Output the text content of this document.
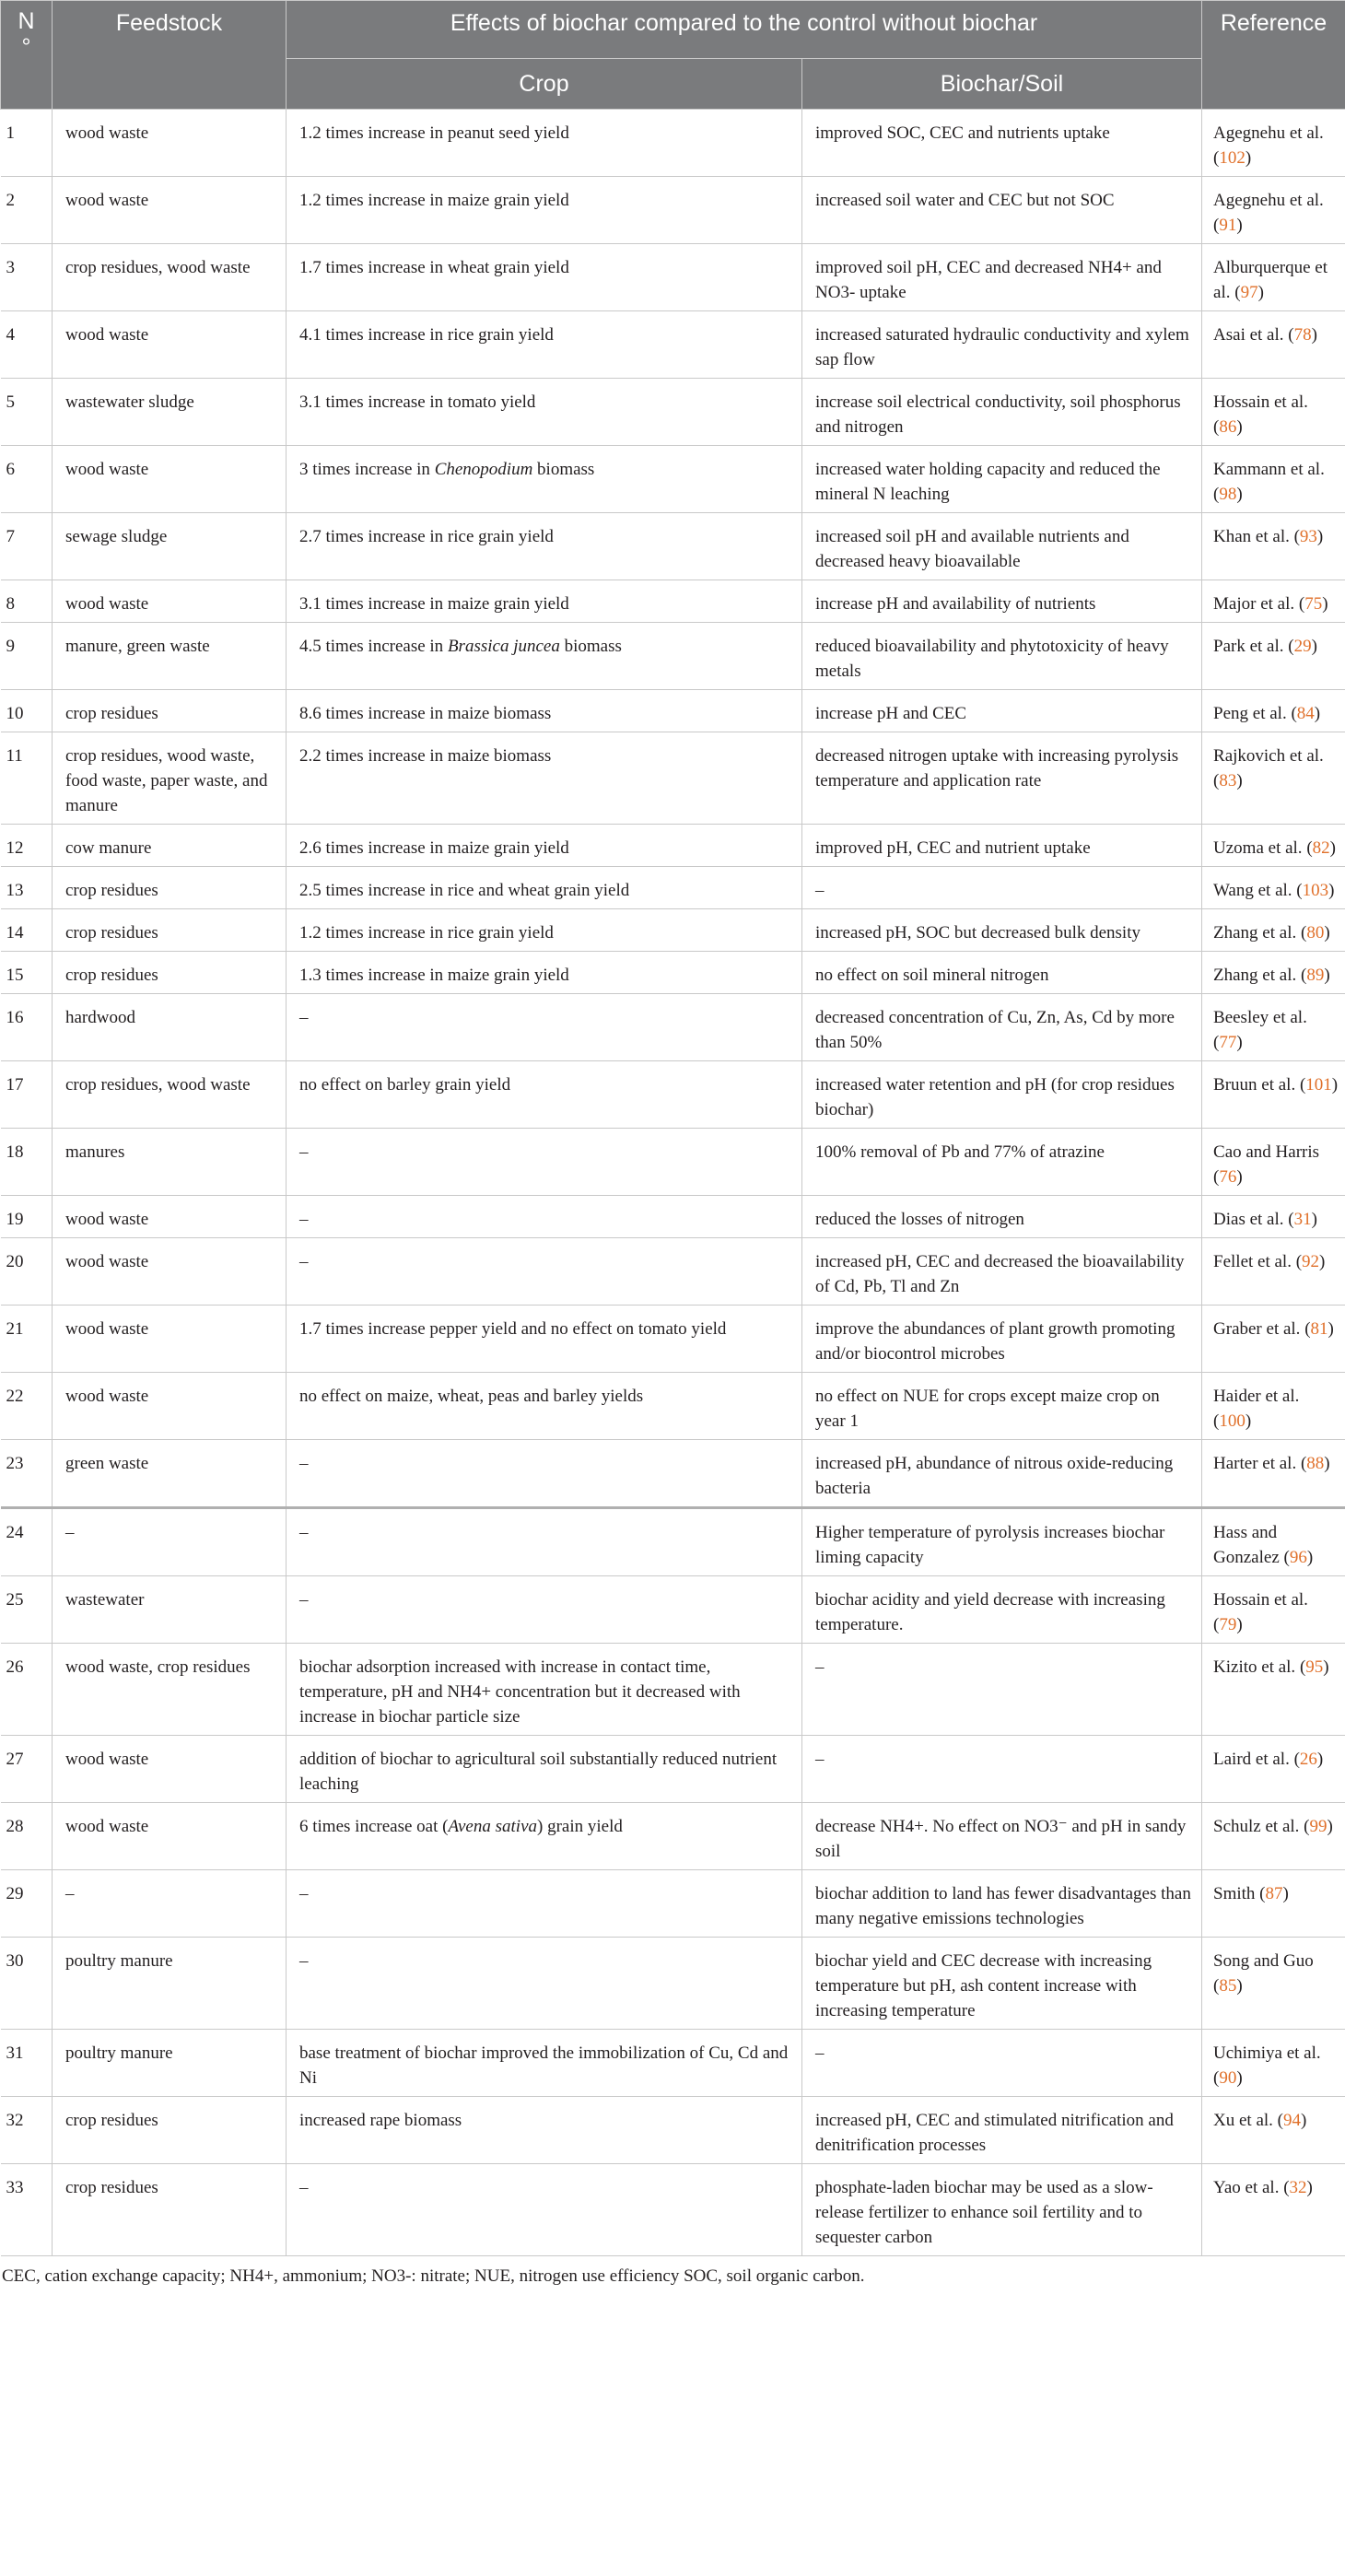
N
°	Feedstock	Effects of biochar compared to the control without biochar		Reference
		Crop	Biochar/Soil	
1	wood waste	1.2 times increase in peanut seed yield	improved SOC, CEC and nutrients uptake	Agegnehu et al. (102)
2	wood waste	1.2 times increase in maize grain yield	increased soil water and CEC but not SOC	Agegnehu et al. (91)
3	crop residues, wood waste	1.7 times increase in wheat grain yield	improved soil pH, CEC and decreased NH4+ and NO3- uptake	Alburquerque et al. (97)
4	wood waste	4.1 times increase in rice grain yield	increased saturated hydraulic conductivity and xylem sap flow	Asai et al. (78)
5	wastewater sludge	3.1 times increase in tomato yield	increase soil electrical conductivity, soil phosphorus and nitrogen	Hossain et al. (86)
6	wood waste	3 times increase in Chenopodium biomass	increased water holding capacity and reduced the mineral N leaching	Kammann et al. (98)
7	sewage sludge	2.7 times increase in rice grain yield	increased soil pH and available nutrients and decreased heavy bioavailable	Khan et al. (93)
8	wood waste	3.1 times increase in maize grain yield	increase pH and availability of nutrients	Major et al. (75)
9	manure, green waste	4.5 times increase in Brassica juncea biomass	reduced bioavailability and phytotoxicity of heavy metals	Park et al. (29)
10	crop residues	8.6 times increase in maize biomass	increase pH and CEC	Peng et al. (84)
11	crop residues, wood waste, food waste, paper waste, and manure	2.2 times increase in maize biomass	decreased nitrogen uptake with increasing pyrolysis temperature and application rate	Rajkovich et al. (83)
12	cow manure	2.6 times increase in maize grain yield	improved pH, CEC and nutrient uptake	Uzoma et al. (82)
13	crop residues	2.5 times increase in rice and wheat grain yield	–	Wang et al. (103)
14	crop residues	1.2 times increase in rice grain yield	increased pH, SOC but decreased bulk density	Zhang et al. (80)
15	crop residues	1.3 times increase in maize grain yield	no effect on soil mineral nitrogen	Zhang et al. (89)
16	hardwood	–	decreased concentration of Cu, Zn, As, Cd by more than 50%	Beesley et al. (77)
17	crop residues, wood waste	no effect on barley grain yield	increased water retention and pH (for crop residues biochar)	Bruun et al. (101)
18	manures	–	100% removal of Pb and 77% of atrazine	Cao and Harris (76)
19	wood waste	–	reduced the losses of nitrogen	Dias et al. (31)
20	wood waste	–	increased pH, CEC and decreased the bioavailability of Cd, Pb, Tl and Zn	Fellet et al. (92)
21	wood waste	1.7 times increase pepper yield and no effect on tomato yield	improve the abundances of plant growth promoting and/or biocontrol microbes	Graber et al. (81)
22	wood waste	no effect on maize, wheat, peas and barley yields	no effect on NUE for crops except maize crop on year 1	Haider et al. (100)
23	green waste	–	increased pH, abundance of nitrous oxide-reducing bacteria	Harter et al. (88)
24	–	–	Higher temperature of pyrolysis increases biochar liming capacity	Hass and Gonzalez (96)
25	wastewater	–	biochar acidity and yield decrease with increasing temperature.	Hossain et al. (79)
26	wood waste, crop residues	biochar adsorption increased with increase in contact time, temperature, pH and NH4+ concentration but it decreased with increase in biochar particle size	–	Kizito et al. (95)
27	wood waste	addition of biochar to agricultural soil substantially reduced nutrient leaching	–	Laird et al. (26)
28	wood waste	6 times increase oat (Avena sativa) grain yield	decrease NH4+. No effect on NO3⁻ and pH in sandy soil	Schulz et al. (99)
29	–	–	biochar addition to land has fewer disadvantages than many negative emissions technologies	Smith (87)
30	poultry manure	–	biochar yield and CEC decrease with increasing temperature but pH, ash content increase with increasing temperature	Song and Guo (85)
31	poultry manure	base treatment of biochar improved the immobilization of Cu, Cd and Ni	–	Uchimiya et al. (90)
32	crop residues	increased rape biomass	increased pH, CEC and stimulated nitrification and denitrification processes	Xu et al. (94)
33	crop residues	–	phosphate-laden biochar may be used as a slow-release fertilizer to enhance soil fertility and to sequester carbon	Yao et al. (32)
CEC, cation exchange capacity; NH4+, ammonium; NO3-: nitrate; NUE, nitrogen use efficiency SOC, soil organic carbon.
